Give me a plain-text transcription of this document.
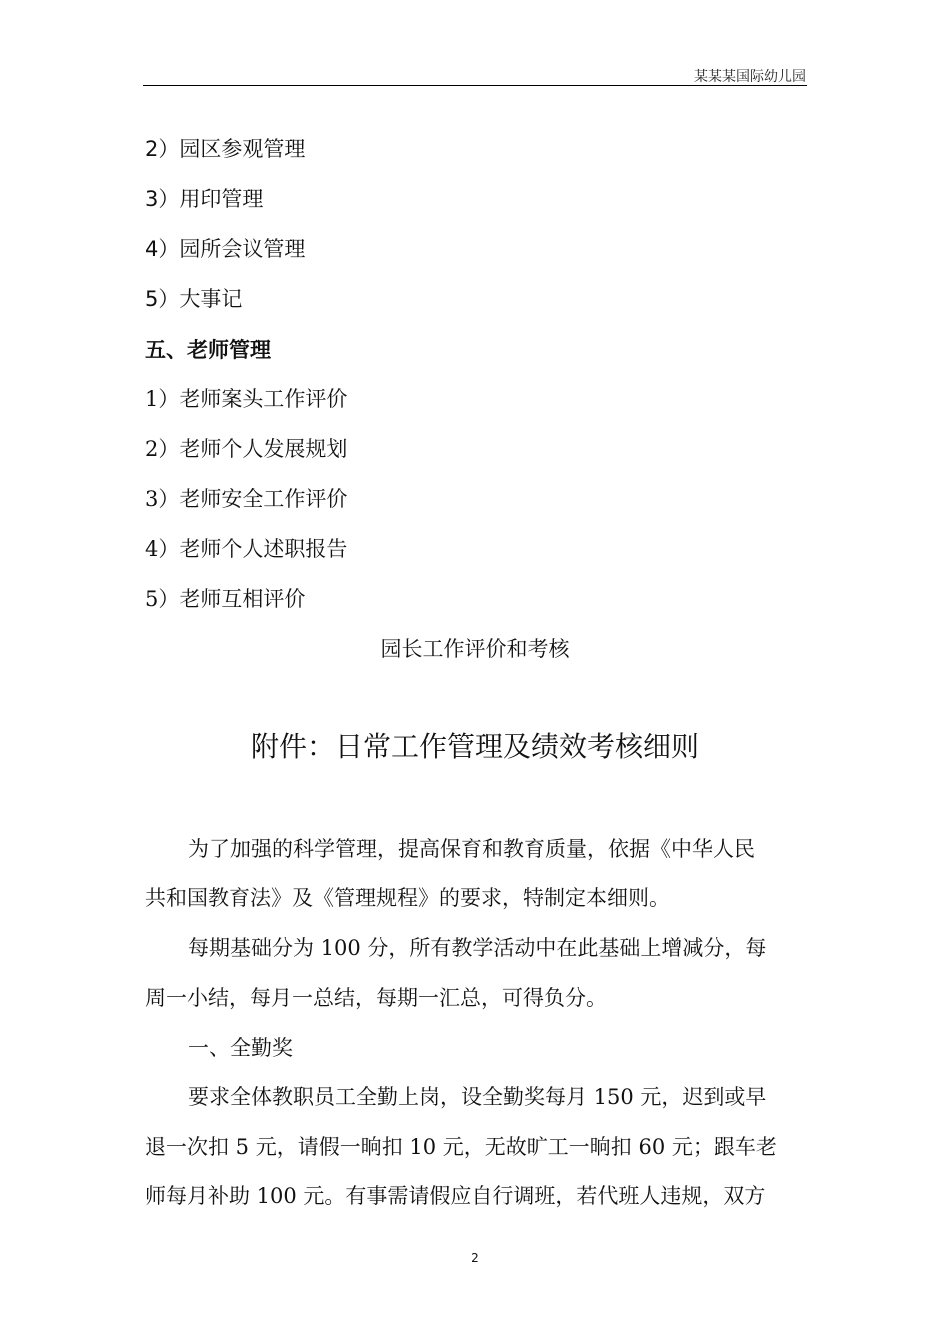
某某某国际幼儿园
2）园区参观管理
3）用印管理
4）园所会议管理
5）大事记
五、老师管理
1）老师案头工作评价
2）老师个人发展规划
3）老师安全工作评价
4）老师个人述职报告
5）老师互相评价
园长工作评价和考核
附件：日常工作管理及绩效考核细则
为了加强的科学管理，提高保育和教育质量，依据《中华人民
共和国教育法》及《管理规程》的要求，特制定本细则。
每期基础分为 100 分，所有教学活动中在此基础上增减分，每
周一小结，每月一总结，每期一汇总，可得负分。
一、全勤奖
要求全体教职员工全勤上岗，设全勤奖每月 150 元，迟到或早
退一次扣 5 元，请假一晌扣 10 元，无故旷工一晌扣 60 元；跟车老
师每月补助 100 元。有事需请假应自行调班，若代班人违规，双方
2
